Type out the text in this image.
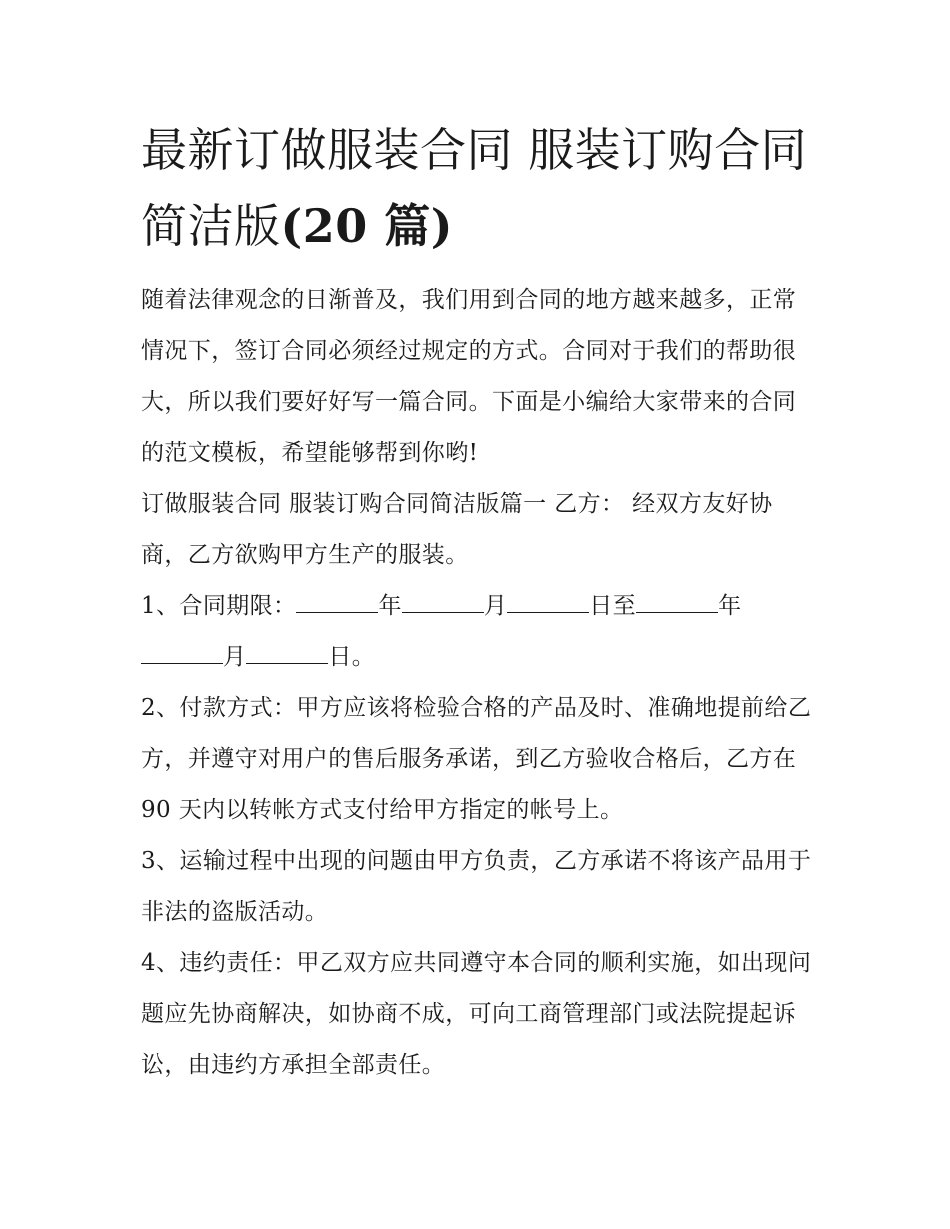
最新订做服装合同 服装订购合同简洁版(20 篇)

随着法律观念的日渐普及，我们用到合同的地方越来越多，正常情况下，签订合同必须经过规定的方式。合同对于我们的帮助很大，所以我们要好好写一篇合同。下面是小编给大家带来的合同的范文模板，希望能够帮到你哟!

订做服装合同 服装订购合同简洁版篇一 乙方： 经双方友好协商，乙方欲购甲方生产的服装。

1、合同期限：	年	月	日至	年
月	日。

2、付款方式：甲方应该将检验合格的产品及时、准确地提前给乙方，并遵守对用户的售后服务承诺，到乙方验收合格后，乙方在 90 天内以转帐方式支付给甲方指定的帐号上。

3、运输过程中出现的问题由甲方负责，乙方承诺不将该产品用于非法的盗版活动。

4、违约责任：甲乙双方应共同遵守本合同的顺利实施，如出现问题应先协商解决，如协商不成，可向工商管理部门或法院提起诉讼，由违约方承担全部责任。
